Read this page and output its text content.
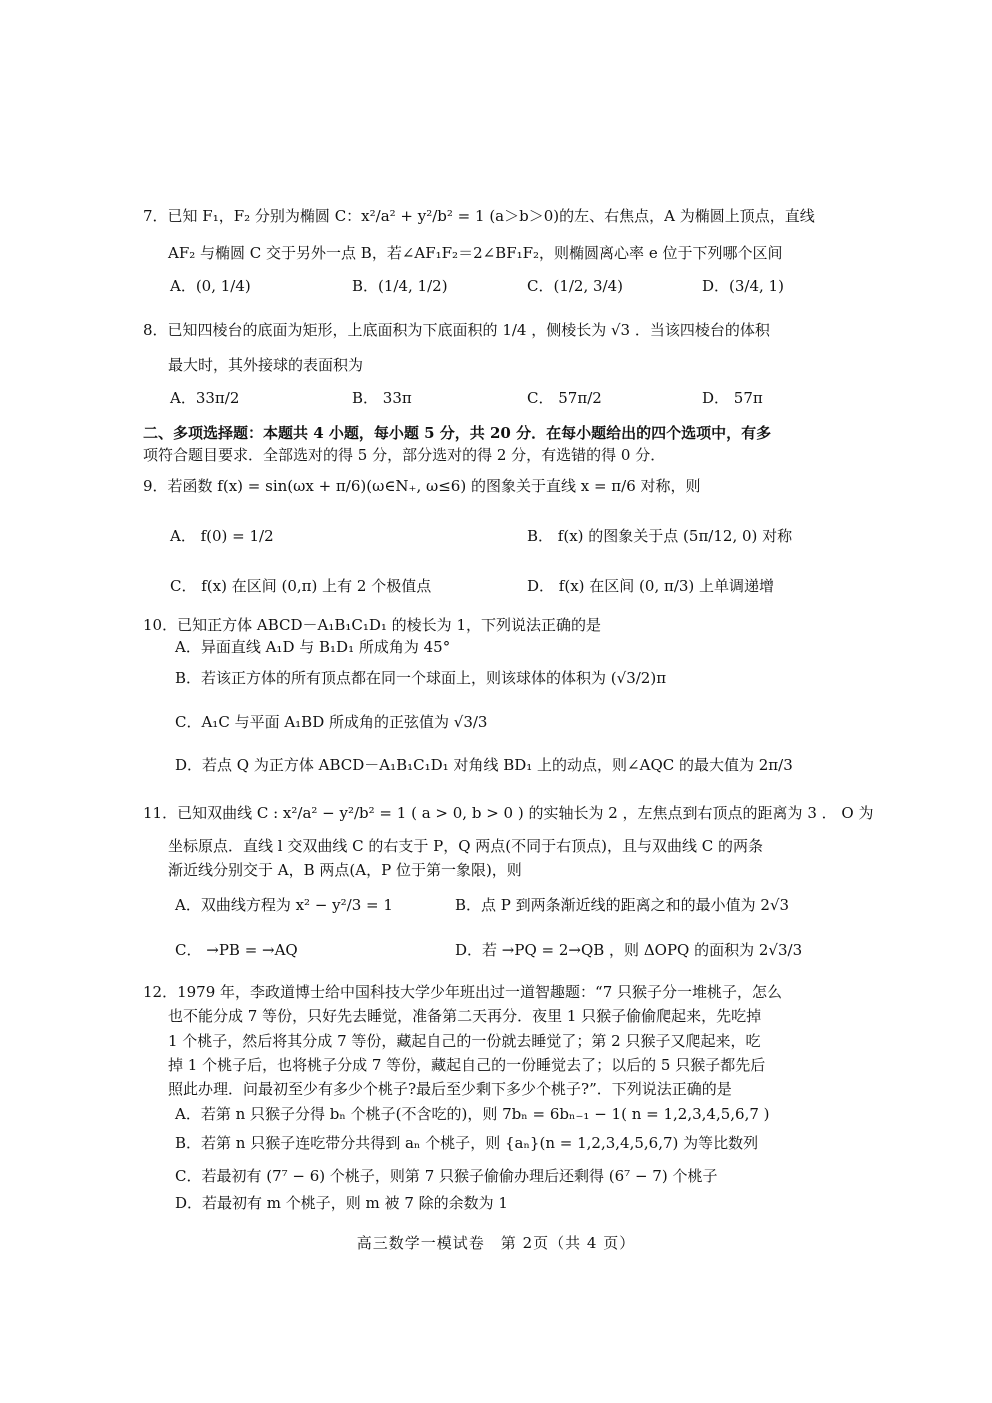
7．已知 F₁，F₂ 分别为椭圆 C：x²/a² + y²/b² = 1 (a＞b＞0)的左、右焦点，A 为椭圆上顶点，直线
AF₂ 与椭圆 C 交于另外一点 B，若∠AF₁F₂＝2∠BF₁F₂，则椭圆离心率 e 位于下列哪个区间
A．(0, 1/4)	B．(1/4, 1/2)	C．(1/2, 3/4)	D．(3/4, 1)
8．已知四棱台的底面为矩形，上底面积为下底面积的 1/4 ，侧棱长为 √3 ．当该四棱台的体积
最大时，其外接球的表面积为
A．33π/2	B． 33π	C． 57π/2	D． 57π
二、多项选择题：本题共 4 小题，每小题 5 分，共 20 分．在每小题给出的四个选项中，有多
项符合题目要求．全部选对的得 5 分，部分选对的得 2 分，有选错的得 0 分．
9．若函数 f(x) = sin(ωx + π/6)(ω∈N₊, ω≤6) 的图象关于直线 x = π/6 对称，则
A． f(0) = 1/2	B． f(x) 的图象关于点 (5π/12, 0) 对称
C． f(x) 在区间 (0,π) 上有 2 个极值点	D． f(x) 在区间 (0, π/3) 上单调递增
10．已知正方体 ABCD－A₁B₁C₁D₁ 的棱长为 1，下列说法正确的是
A．异面直线 A₁D 与 B₁D₁ 所成角为 45°
B．若该正方体的所有顶点都在同一个球面上，则该球体的体积为 (√3/2)π
C．A₁C 与平面 A₁BD 所成角的正弦值为 √3/3
D．若点 Q 为正方体 ABCD－A₁B₁C₁D₁ 对角线 BD₁ 上的动点，则∠AQC 的最大值为 2π/3
11．已知双曲线 C : x²/a² − y²/b² = 1 ( a > 0, b > 0 ) 的实轴长为 2 ，左焦点到右顶点的距离为 3 ． O 为
坐标原点．直线 l 交双曲线 C 的右支于 P，Q 两点(不同于右顶点)，且与双曲线 C 的两条
渐近线分别交于 A，B 两点(A，P 位于第一象限)，则
A．双曲线方程为 x² − y²/3 = 1	B．点 P 到两条渐近线的距离之和的最小值为 2√3
C． →PB = →AQ	D．若 →PQ = 2→QB ，则 ΔOPQ 的面积为 2√3/3
12．1979 年，李政道博士给中国科技大学少年班出过一道智趣题：“7 只猴子分一堆桃子，怎么
也不能分成 7 等份，只好先去睡觉，准备第二天再分．夜里 1 只猴子偷偷爬起来，先吃掉
1 个桃子，然后将其分成 7 等份，藏起自己的一份就去睡觉了；第 2 只猴子又爬起来，吃
掉 1 个桃子后，也将桃子分成 7 等份，藏起自己的一份睡觉去了；以后的 5 只猴子都先后
照此办理．问最初至少有多少个桃子?最后至少剩下多少个桃子?”．下列说法正确的是
A．若第 n 只猴子分得 bₙ 个桃子(不含吃的)，则 7bₙ = 6bₙ₋₁ − 1( n = 1,2,3,4,5,6,7 )
B．若第 n 只猴子连吃带分共得到 aₙ 个桃子，则 {aₙ}(n = 1,2,3,4,5,6,7) 为等比数列
C．若最初有 (7⁷ − 6) 个桃子，则第 7 只猴子偷偷办理后还剩得 (6⁷ − 7) 个桃子
D．若最初有 m 个桃子，则 m 被 7 除的余数为 1
高三数学一模试卷　第 2页（共 4 页）
